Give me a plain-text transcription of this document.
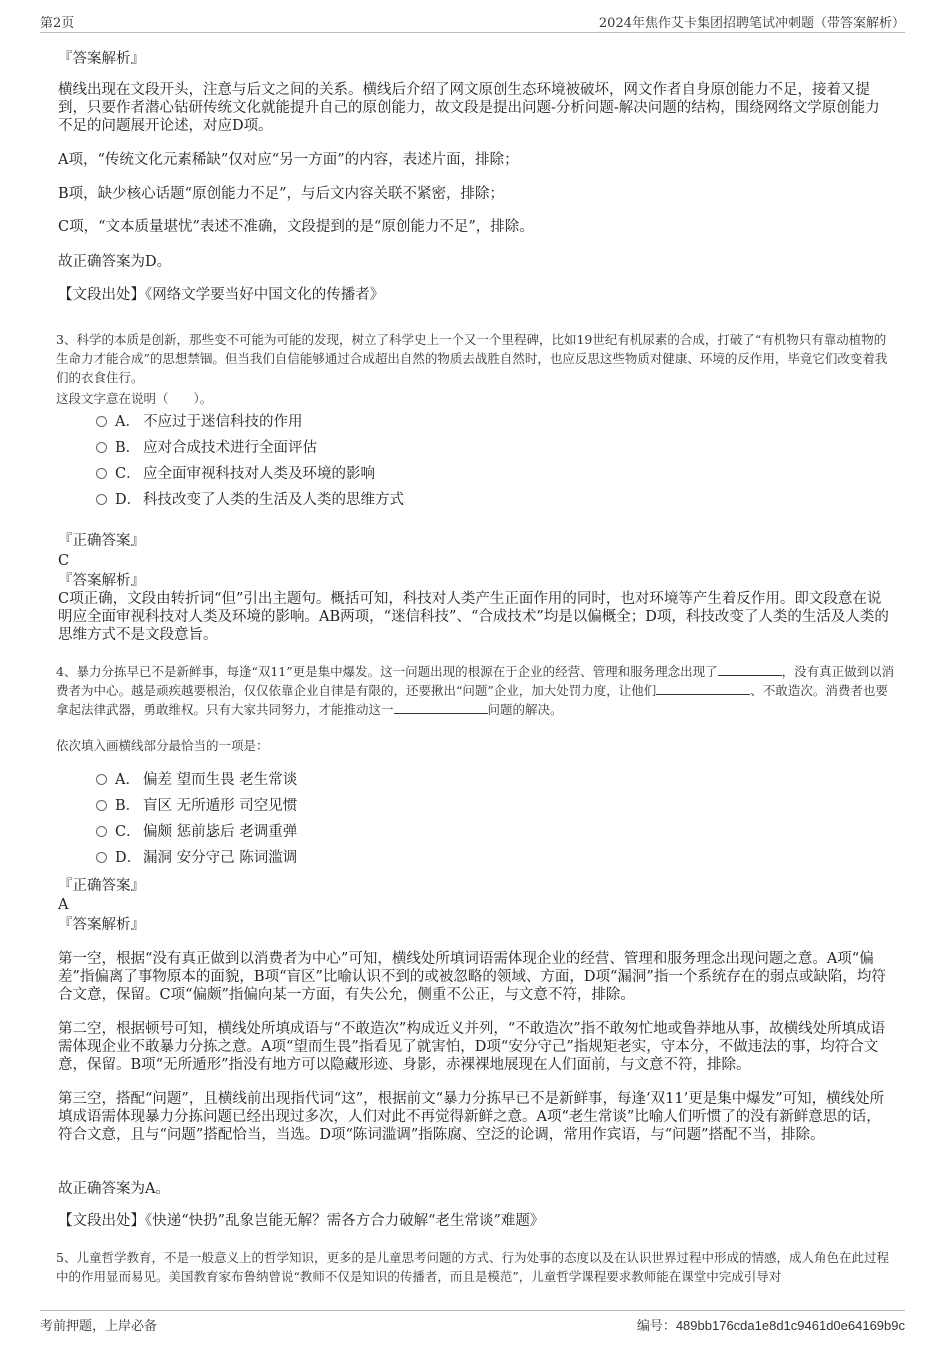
第2页	2024年焦作艾卡集团招聘笔试冲刺题（带答案解析）
『答案解析』
横线出现在文段开头，注意与后文之间的关系。横线后介绍了网文原创生态环境被破坏，网文作者自身原创能力不足，接着又提到，只要作者潜心钻研传统文化就能提升自己的原创能力，故文段是提出问题-分析问题-解决问题的结构，围绕网络文学原创能力不足的问题展开论述，对应D项。
A项，“传统文化元素稀缺”仅对应“另一方面”的内容，表述片面，排除；
B项，缺少核心话题“原创能力不足”，与后文内容关联不紧密，排除；
C项，“文本质量堪忧”表述不准确，文段提到的是“原创能力不足”，排除。
故正确答案为D。
【文段出处】《网络文学要当好中国文化的传播者》
3、科学的本质是创新，那些变不可能为可能的发现，树立了科学史上一个又一个里程碑，比如19世纪有机尿素的合成，打破了“有机物只有靠动植物的生命力才能合成”的思想禁锢。但当我们自信能够通过合成超出自然的物质去战胜自然时，也应反思这些物质对健康、环境的反作用，毕竟它们改变着我们的衣食住行。
这段文字意在说明（　　）。
A． 不应过于迷信科技的作用
B． 应对合成技术进行全面评估
C． 应全面审视科技对人类及环境的影响
D． 科技改变了人类的生活及人类的思维方式
『正确答案』
C
『答案解析』
C项正确，文段由转折词“但”引出主题句。概括可知，科技对人类产生正面作用的同时，也对环境等产生着反作用。即文段意在说明应全面审视科技对人类及环境的影响。AB两项，“迷信科技”、“合成技术”均是以偏概全；D项，科技改变了人类的生活及人类的思维方式不是文段意旨。
4、暴力分拣早已不是新鲜事，每逢“双11”更是集中爆发。这一问题出现的根源在于企业的经营、管理和服务理念出现了	，没有真正做到以消费者为中心。越是顽疾越要根治，仅仅依靠企业自律是有限的，还要揪出“问题”企业，加大处罚力度，让他们	、不敢造次。消费者也要拿起法律武器，勇敢维权。只有大家共同努力，才能推动这一	问题的解决。
依次填入画横线部分最恰当的一项是：
A． 偏差 望而生畏 老生常谈
B． 盲区 无所遁形 司空见惯
C． 偏颇 惩前毖后 老调重弹
D． 漏洞 安分守己 陈词滥调
『正确答案』
A
『答案解析』
第一空，根据“没有真正做到以消费者为中心”可知，横线处所填词语需体现企业的经营、管理和服务理念出现问题之意。A项“偏差”指偏离了事物原本的面貌，B项“盲区”比喻认识不到的或被忽略的领域、方面，D项“漏洞”指一个系统存在的弱点或缺陷，均符合文意，保留。C项“偏颇”指偏向某一方面，有失公允，侧重不公正，与文意不符，排除。
第二空，根据顿号可知，横线处所填成语与“不敢造次”构成近义并列，“不敢造次”指不敢匆忙地或鲁莽地从事，故横线处所填成语需体现企业不敢暴力分拣之意。A项“望而生畏”指看见了就害怕，D项“安分守己”指规矩老实，守本分，不做违法的事，均符合文意，保留。B项“无所遁形”指没有地方可以隐藏形迹、身影，赤裸裸地展现在人们面前，与文意不符，排除。
第三空，搭配“问题”，且横线前出现指代词“这”，根据前文“暴力分拣早已不是新鲜事，每逢‘双11’更是集中爆发”可知，横线处所填成语需体现暴力分拣问题已经出现过多次，人们对此不再觉得新鲜之意。A项“老生常谈”比喻人们听惯了的没有新鲜意思的话，符合文意，且与“问题”搭配恰当，当选。D项“陈词滥调”指陈腐、空泛的论调，常用作宾语，与“问题”搭配不当，排除。
故正确答案为A。
【文段出处】《快递“快扔”乱象岂能无解？需各方合力破解“老生常谈”难题》
5、儿童哲学教育，不是一般意义上的哲学知识，更多的是儿童思考问题的方式、行为处事的态度以及在认识世界过程中形成的情感，成人角色在此过程中的作用显而易见。美国教育家布鲁纳曾说“教师不仅是知识的传播者，而且是模范”，儿童哲学课程要求教师能在课堂中完成引导对
考前押题，上岸必备	编号：489bb176cda1e8d1c9461d0e64169b9c
